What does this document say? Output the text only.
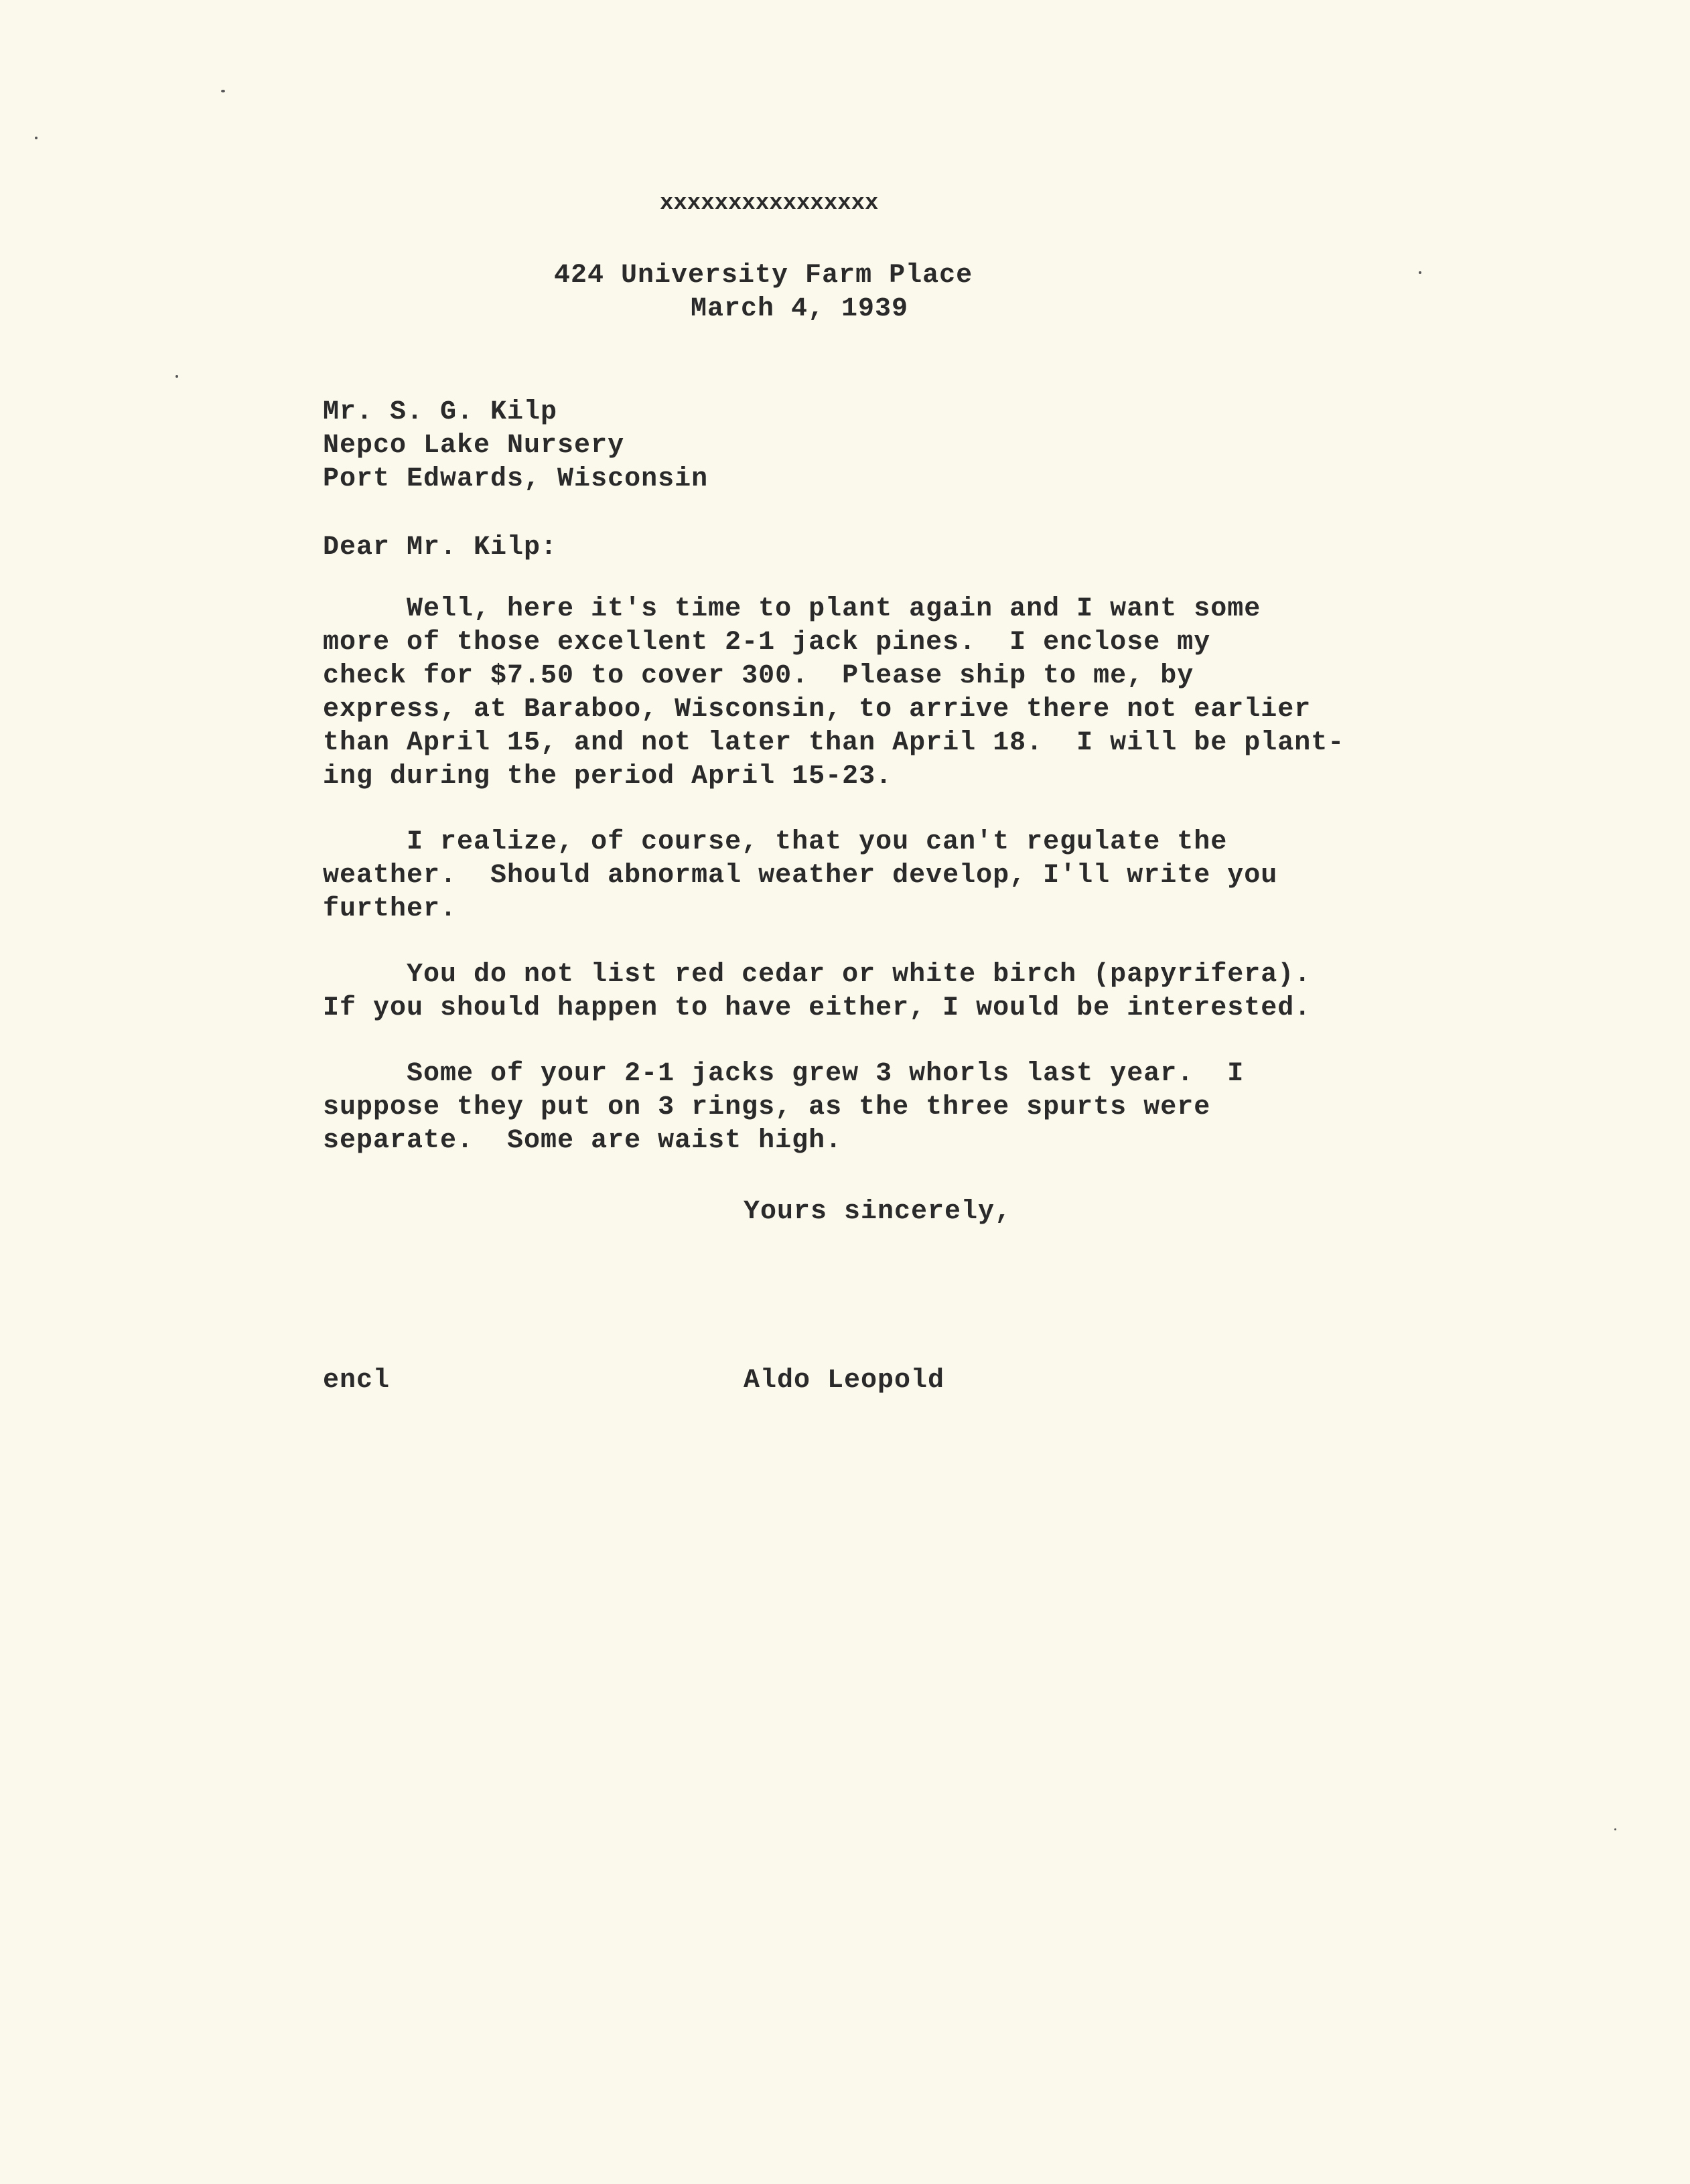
xxxxxxxxxxxxxxxx
424 University Farm Place
March 4, 1939
Mr. S. G. Kilp
Nepco Lake Nursery
Port Edwards, Wisconsin
Dear Mr. Kilp:
Well, here it's time to plant again and I want some
more of those excellent 2-1 jack pines.  I enclose my
check for $7.50 to cover 300.  Please ship to me, by
express, at Baraboo, Wisconsin, to arrive there not earlier
than April 15, and not later than April 18.  I will be plant-
ing during the period April 15-23.
I realize, of course, that you can't regulate the
weather.  Should abnormal weather develop, I'll write you
further.
You do not list red cedar or white birch (papyrifera).
If you should happen to have either, I would be interested.
Some of your 2-1 jacks grew 3 whorls last year.  I
suppose they put on 3 rings, as the three spurts were
separate.  Some are waist high.
Yours sincerely,
encl	Aldo Leopold
